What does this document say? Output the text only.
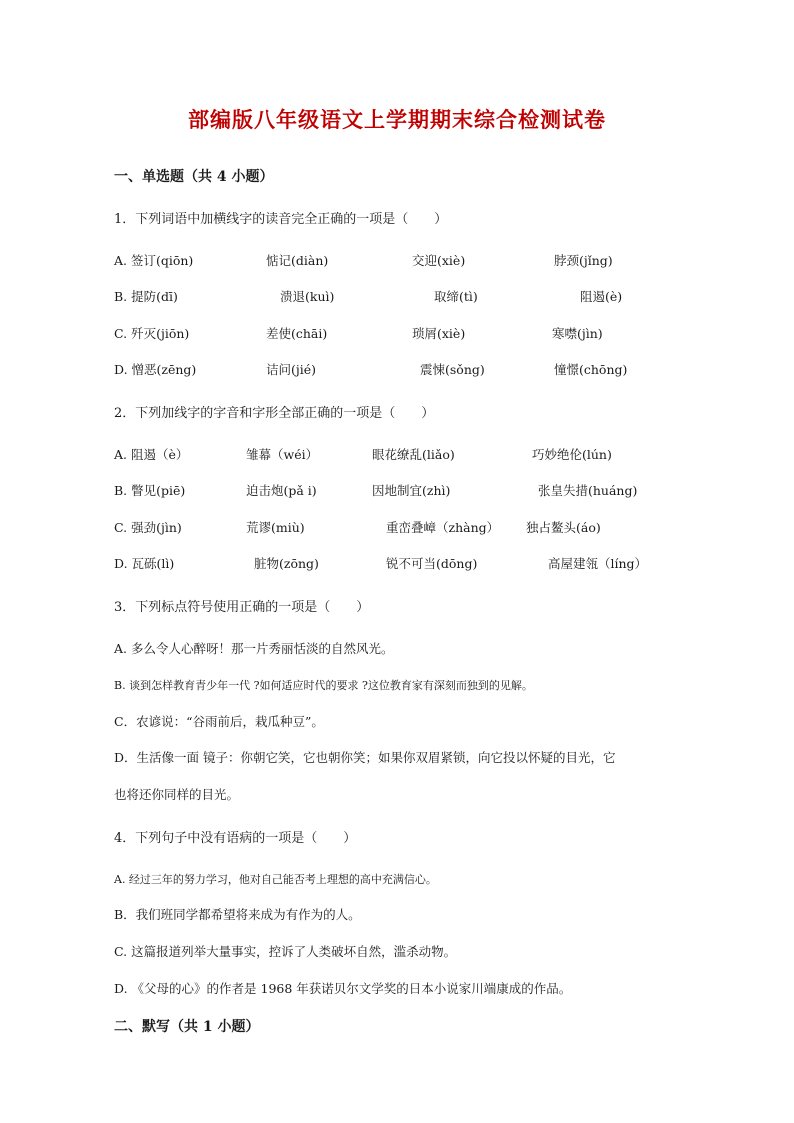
部编版八年级语文上学期期末综合检测试卷
一、单选题（共 4 小题）
1．下列词语中加横线字的读音完全正确的一项是（　　）
A. 签订(qiōn)	惦记(diàn)	交迎(xiè)	脖颈(jǐng)
B. 提防(dī)	溃退(kuì)	取缔(tì)	阻遏(è)
C. 歼灭(jiōn)	差使(chāi)	琐屑(xiè)	寒噤(jìn)
D. 憎恶(zēng)	诘问(jié)	震悚(sǒng)	憧憬(chōng)
2．下列加线字的字音和字形全部正确的一项是（　　）
A. 阻遏（è）	雏幕（wéi）	眼花缭乱(liǎo)	巧妙绝伦(lún)
B. 瞥见(piē)	迫击炮(pǎ i)	因地制宜(zhì)	张皇失措(huáng)
C. 强劲(jìn)	荒谬(miù)	重峦叠嶂（zhàng） 独占鳌头(áo)
D. 瓦砾(lì)	脏物(zōng)	锐不可当(dōng)	高屋建瓴（líng）
3．下列标点符号使用正确的一项是（　　）
A. 多么令人心醉呀！那一片秀丽恬淡的自然风光。
B. 谈到怎样教育青少年一代 ?如何适应时代的要求 ?这位教育家有深刻而独到的见解。
C．农谚说：“谷雨前后，栽瓜种豆”。
D．生活像一面 镜子：你朝它笑，它也朝你笑；如果你双眉紧锁，向它投以怀疑的目光，它
也将还你同样的目光。
4．下列句子中没有语病的一项是（　　）
A. 经过三年的努力学习，他对自己能否考上理想的高中充满信心。
B．我们班同学都希望将来成为有作为的人。
C. 这篇报道列举大量事实，控诉了人类破坏自然，滥杀动物。
D. 《父母的心》的作者是 1968 年获诺贝尔文学奖的日本小说家川端康成的作品。
二、默写（共 1 小题）
